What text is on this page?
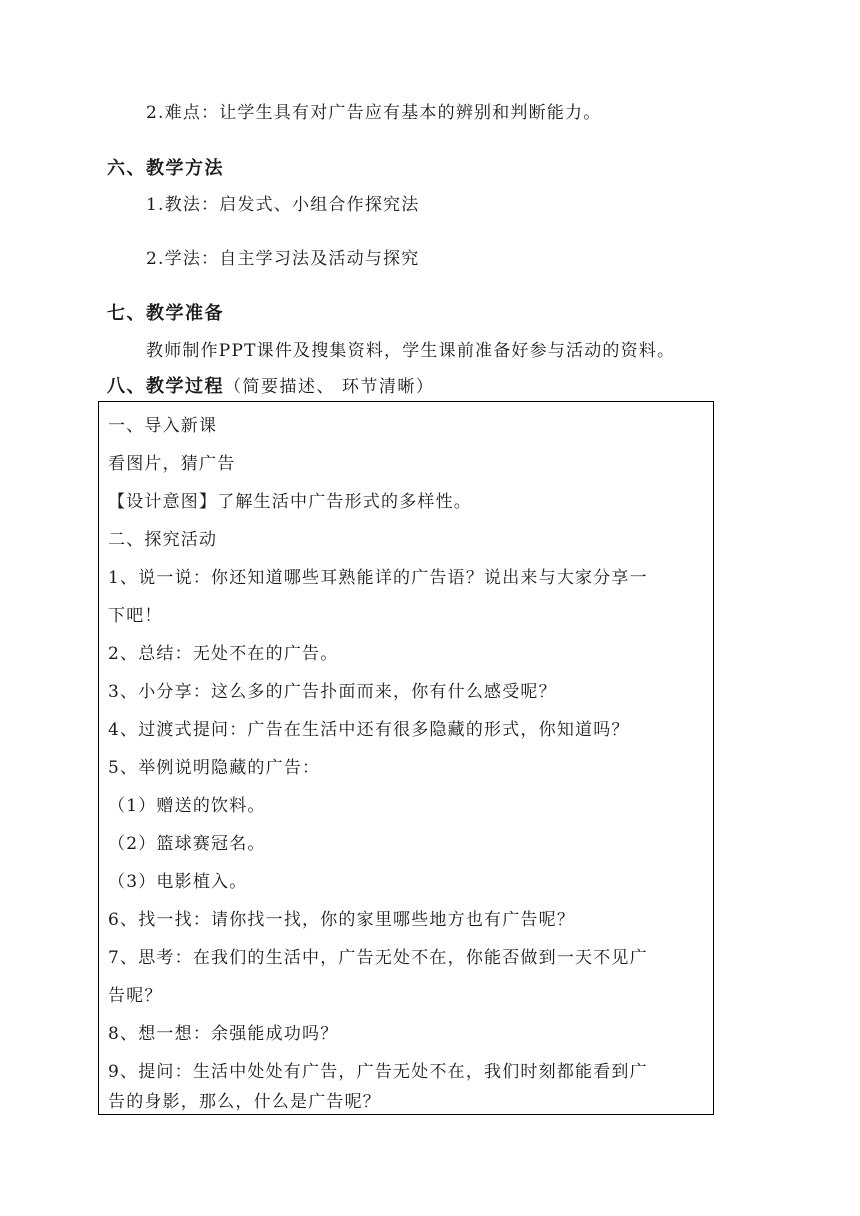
2.难点：让学生具有对广告应有基本的辨别和判断能力。
六、教学方法
1.教法：启发式、小组合作探究法
2.学法：自主学习法及活动与探究
七、教学准备
教师制作PPT课件及搜集资料，学生课前准备好参与活动的资料。
八、教学过程（简要描述、 环节清晰）
一、导入新课
看图片，猜广告
【设计意图】了解生活中广告形式的多样性。
二、探究活动
1、说一说：你还知道哪些耳熟能详的广告语？说出来与大家分享一
下吧！
2、总结：无处不在的广告。
3、小分享：这么多的广告扑面而来，你有什么感受呢？
4、过渡式提问：广告在生活中还有很多隐藏的形式，你知道吗？
5、举例说明隐藏的广告：
（1）赠送的饮料。
（2）篮球赛冠名。
（3）电影植入。
6、找一找：请你找一找，你的家里哪些地方也有广告呢？
7、思考：在我们的生活中，广告无处不在，你能否做到一天不见广
告呢？
8、想一想：余强能成功吗？
9、提问：生活中处处有广告，广告无处不在，我们时刻都能看到广
告的身影，那么，什么是广告呢？
